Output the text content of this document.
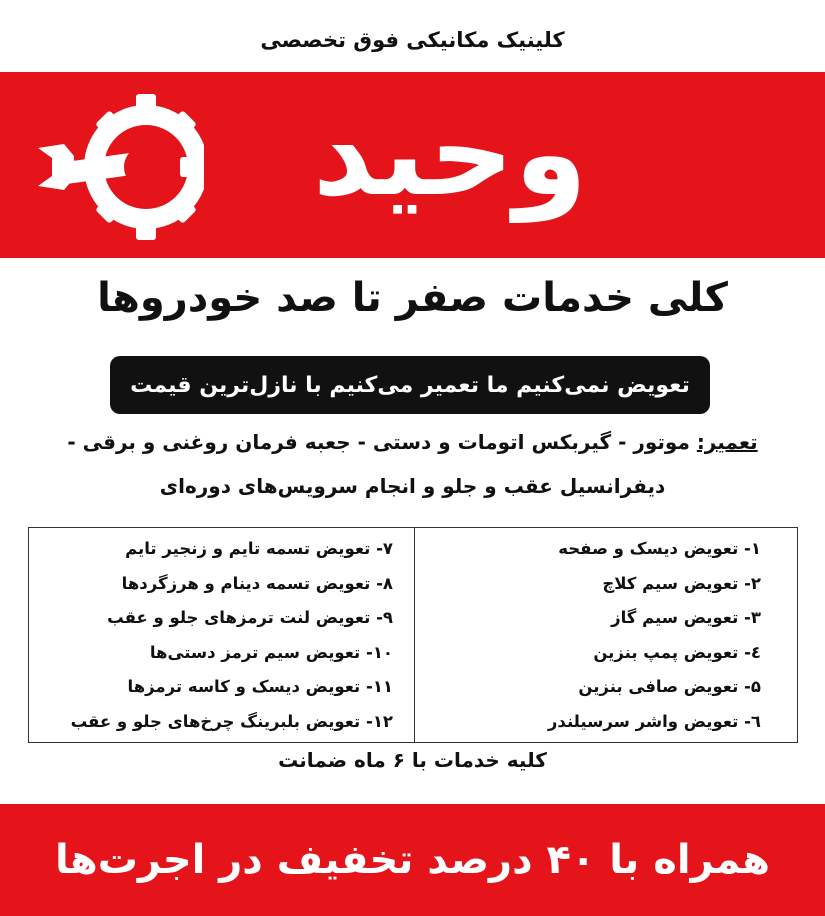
کلینیک مکانیکی فوق تخصصی
وحید
کلی خدمات صفر تا صد خودروها
تعویض نمی‌کنیم ما تعمیر می‌کنیم با نازل‌ترین قیمت
تعمیر: موتور - گیربکس اتومات و دستی - جعبه فرمان روغنی و برقی -
دیفرانسیل عقب و جلو و انجام سرویس‌های دوره‌ای
۱- تعویض دیسک و صفحه
۲- تعویض سیم کلاچ
۳- تعویض سیم گاز
٤- تعویض پمپ بنزین
۵- تعویض صافی بنزین
٦- تعویض واشر سرسیلندر
۷- تعویض تسمه تایم و زنجیر تایم
۸- تعویض تسمه دینام و هرزگردها
۹- تعویض لنت ترمزهای جلو و عقب
۱۰- تعویض سیم ترمز دستی‌ها
۱۱- تعویض دیسک و کاسه ترمزها
۱۲- تعویض بلبرینگ چرخ‌های جلو و عقب
کلیه خدمات با ۶ ماه ضمانت
همراه با ۴۰ درصد تخفیف در اجرت‌ها
